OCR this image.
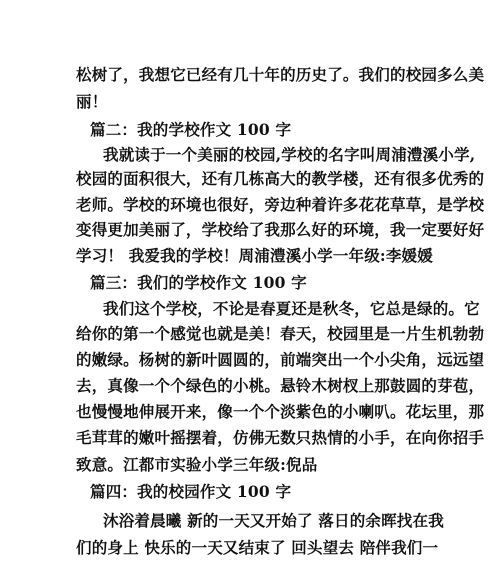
松树了，我想它已经有几十年的历史了。我们的校园多么美
丽！
篇二：我的学校作文 100 字
我就读于一个美丽的校园,学校的名字叫周浦澧溪小学,
校园的面积很大，还有几栋高大的教学楼，还有很多优秀的
老师。学校的环境也很好，旁边种着许多花花草草，是学校
变得更加美丽了，学校给了我那么好的环境，我一定要好好
学习！ 我爱我的学校！周浦澧溪小学一年级:李媛媛
篇三：我们的学校作文 100 字
我们这个学校，不论是春夏还是秋冬，它总是绿的。它
给你的第一个感觉也就是美！春天，校园里是一片生机勃勃
的嫩绿。杨树的新叶圆圆的，前端突出一个小尖角，远远望
去，真像一个个绿色的小桃。悬铃木树杈上那鼓圆的芽苞，
也慢慢地伸展开来，像一个个淡紫色的小喇叭。花坛里，那
毛茸茸的嫩叶摇摆着，仿佛无数只热情的小手，在向你招手
致意。江都市实验小学三年级:倪品
篇四：我的校园作文 100 字
沐浴着晨曦 新的一天又开始了 落日的余晖找在我
们的身上 快乐的一天又结束了 回头望去 陪伴我们一
